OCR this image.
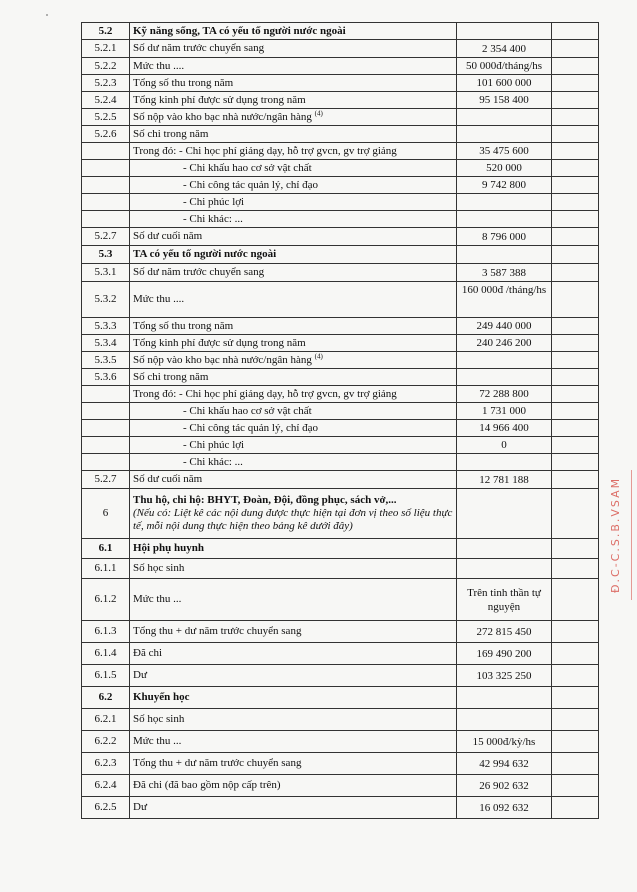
5.2	Kỹ năng sống, TA có yếu tố người nước ngoài		
5.2.1	Số dư năm trước chuyển sang	2 354 400	
5.2.2	Mức thu ....	50 000đ/tháng/hs	
5.2.3	Tổng số thu trong năm	101 600 000	
5.2.4	Tổng kinh phí được sử dụng trong năm	95 158 400	
5.2.5	Số nộp vào kho bạc nhà nước/ngân hàng $^{(4)}$		
5.2.6	Số chi trong năm		
	Trong đó: - Chi học phí giảng dạy, hỗ trợ gvcn, gv trợ giảng	35 475 600	
	- Chi khấu hao cơ sở vật chất	520 000	
	- Chi công tác quản lý, chỉ đạo	9 742 800	
	- Chi phúc lợi		
	- Chi khác: ...		
5.2.7	Số dư cuối năm	8 796 000	
5.3	TA có yếu tố người nước ngoài		
5.3.1	Số dư năm trước chuyển sang	3 587 388	
5.3.2	Mức thu ....	160 000đ /tháng/hs	
5.3.3	Tổng số thu trong năm	249 440 000	
5.3.4	Tổng kinh phí được sử dụng trong năm	240 246 200	
5.3.5	Số nộp vào kho bạc nhà nước/ngân hàng $^{(4)}$		
5.3.6	Số chi trong năm		
	Trong đó: - Chi học phí giảng dạy, hỗ trợ gvcn, gv trợ giảng	72 288 800	
	- Chi khấu hao cơ sở vật chất	1 731 000	
	- Chi công tác quản lý, chỉ đạo	14 966 400	
	- Chi phúc lợi	0	
	- Chi khác: ...		
5.2.7	Số dư cuối năm	12 781 188	
6	Thu hộ, chi hộ: BHYT, Đoàn, Đội, đồng phục, sách vở,...
(Nếu có: Liệt kê các nội dung được thực hiện tại đơn vị theo số liệu thực tế, mỗi nội dung thực hiện theo bảng kê dưới đây)		

6.1	Hội phụ huynh		
6.1.1	Số học sinh		
6.1.2	Mức thu ...	Trên tinh thần tự nguyện	
6.1.3	Tổng thu + dư năm trước chuyển sang	272 815 450	
6.1.4	Đã chi	169 490 200	
6.1.5	Dư	103 325 250	
6.2	Khuyến học		
6.2.1	Số học sinh		
6.2.2	Mức thu ...	15 000đ/kỳ/hs	
6.2.3	Tổng thu + dư năm trước chuyển sang	42 994 632	
6.2.4	Đã chi (đã bao gồm nộp cấp trên)	26 902 632	
6.2.5	Dư	16 092 632	
Đ.C-C.S.B.VSAM
